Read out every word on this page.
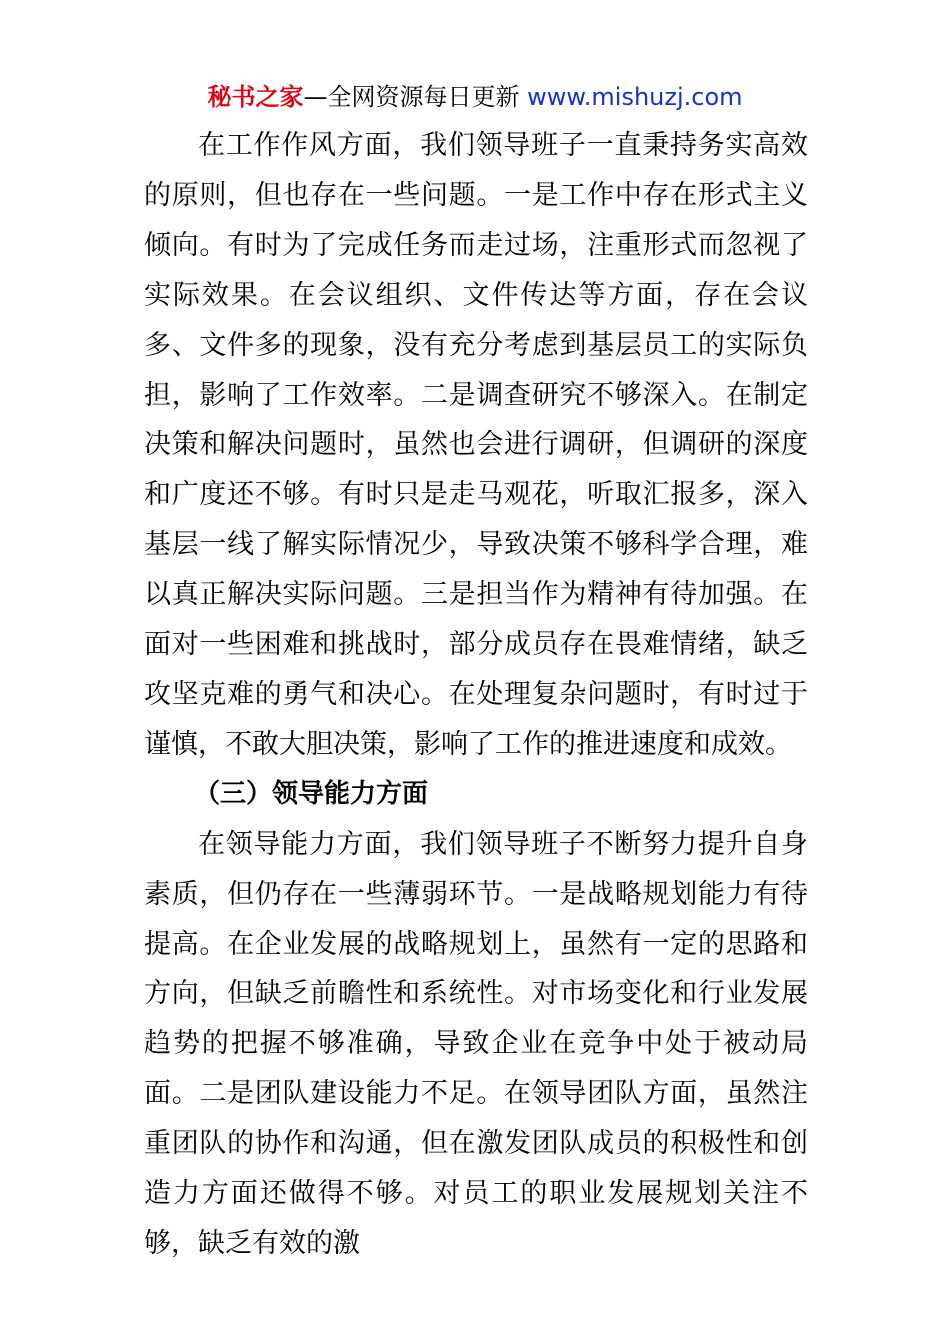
秘书之家—全网资源每日更新 www.mishuzj.com

在工作作风方面，我们领导班子一直秉持务实高效的原则，但也存在一些问题。一是工作中存在形式主义倾向。有时为了完成任务而走过场，注重形式而忽视了实际效果。在会议组织、文件传达等方面，存在会议多、文件多的现象，没有充分考虑到基层员工的实际负担，影响了工作效率。二是调查研究不够深入。在制定决策和解决问题时，虽然也会进行调研，但调研的深度和广度还不够。有时只是走马观花，听取汇报多，深入基层一线了解实际情况少，导致决策不够科学合理，难以真正解决实际问题。三是担当作为精神有待加强。在面对一些困难和挑战时，部分成员存在畏难情绪，缺乏攻坚克难的勇气和决心。在处理复杂问题时，有时过于谨慎，不敢大胆决策，影响了工作的推进速度和成效。

（三）领导能力方面

在领导能力方面，我们领导班子不断努力提升自身素质，但仍存在一些薄弱环节。一是战略规划能力有待提高。在企业发展的战略规划上，虽然有一定的思路和方向，但缺乏前瞻性和系统性。对市场变化和行业发展趋势的把握不够准确，导致企业在竞争中处于被动局面。二是团队建设能力不足。在领导团队方面，虽然注重团队的协作和沟通，但在激发团队成员的积极性和创造力方面还做得不够。对员工的职业发展规划关注不够，缺乏有效的激
